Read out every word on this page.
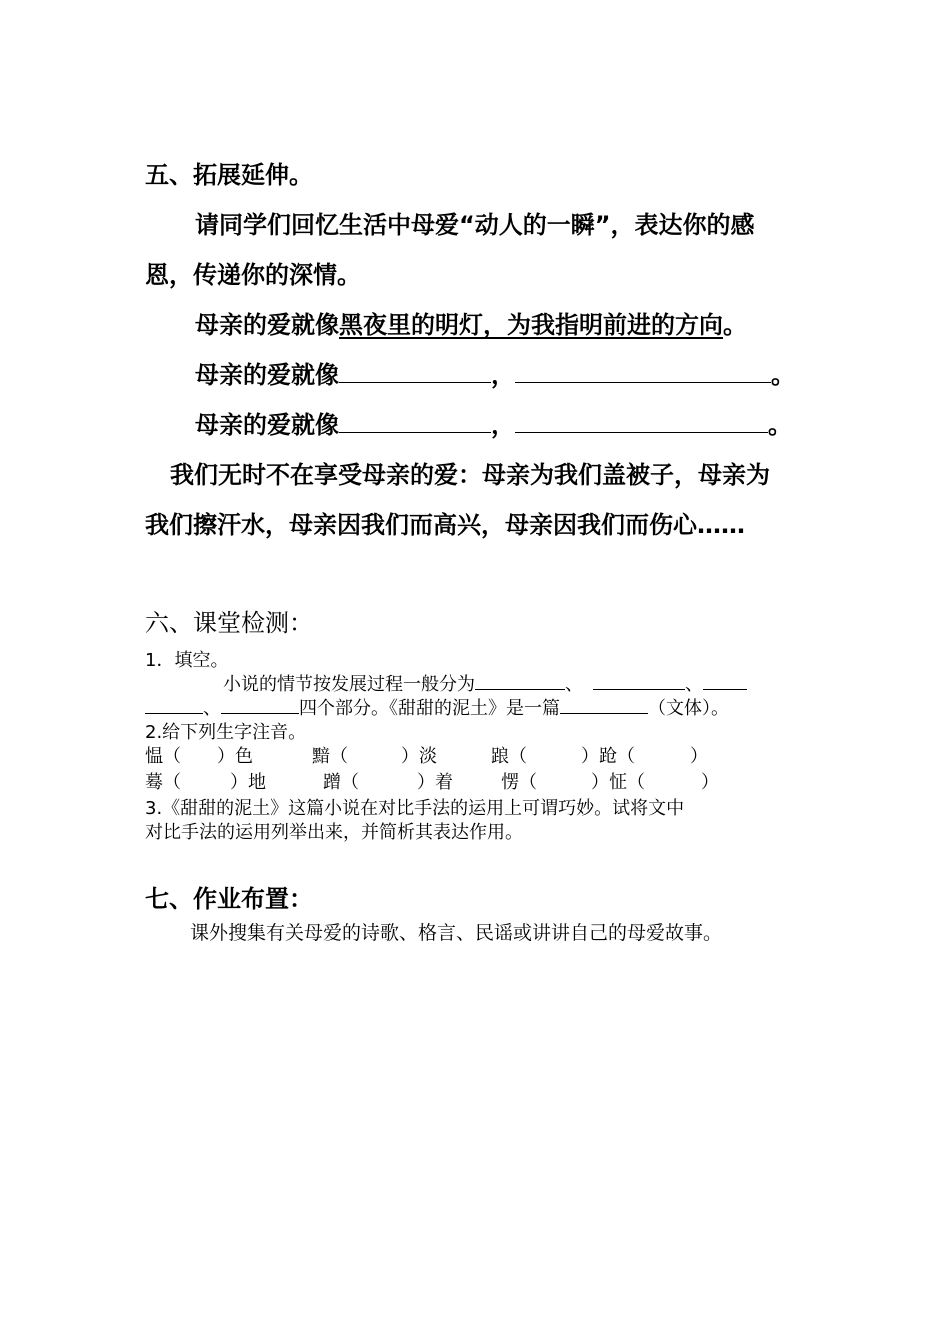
五、拓展延伸。
请同学们回忆生活中母爱“动人的一瞬”，表达你的感
恩，传递你的深情。
母亲的爱就像黑夜里的明灯，为我指明前进的方向。
母亲的爱就像	，	。
母亲的爱就像	，	。
我们无时不在享受母亲的爱：母亲为我们盖被子，母亲为
我们擦汗水，母亲因我们而高兴，母亲因我们而伤心……
六、课堂检测：
1．填空。
小说的情节按发展过程一般分为	、	、
、	四个部分。《甜甜的泥土》是一篇	（文体）。
2.给下列生字注音。
愠（ ）色	黯（	）淡	踉（	）跄（	）
蓦（	）地	蹭（	）着	愣（	）怔（	）
3.《甜甜的泥土》这篇小说在对比手法的运用上可谓巧妙。试将文中
对比手法的运用列举出来，并简析其表达作用。
七、作业布置：
课外搜集有关母爱的诗歌、格言、民谣或讲讲自己的母爱故事。
